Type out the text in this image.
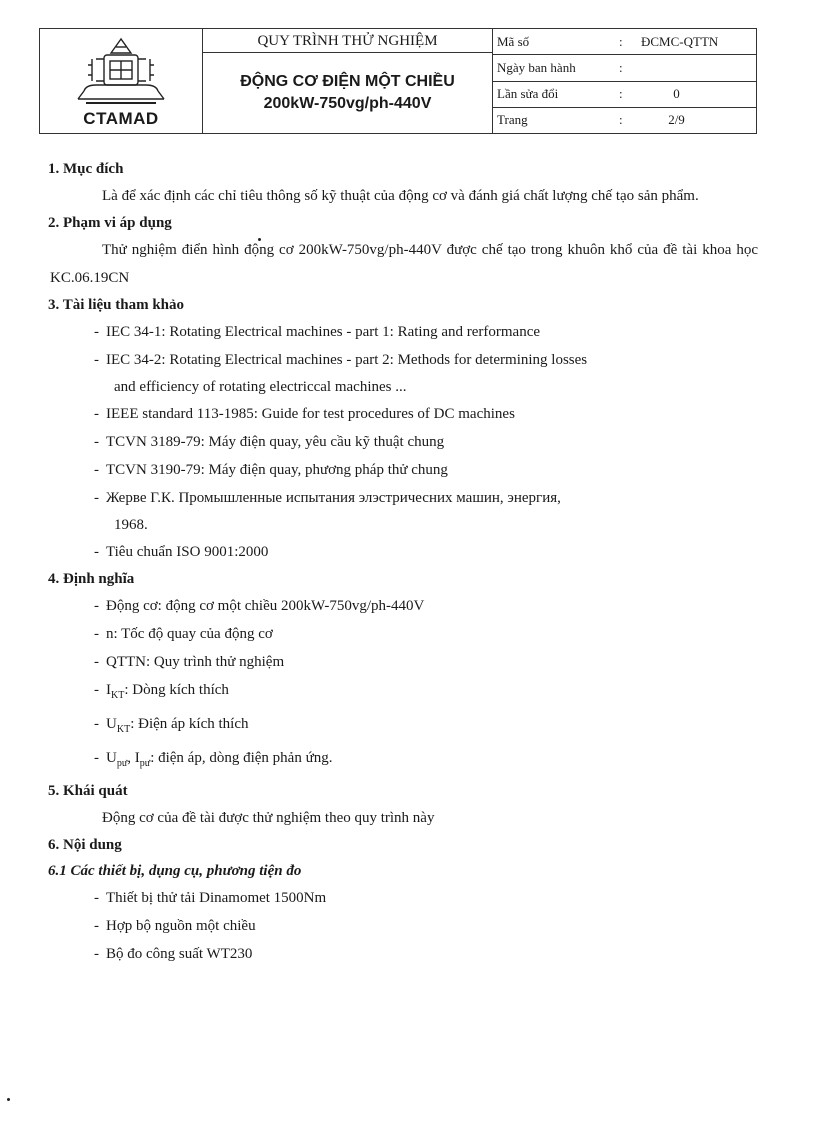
CTAMAD
QUY TRÌNH THỬ NGHIỆM
ĐỘNG CƠ ĐIỆN MỘT CHIỀU
200kW-750vg/ph-440V
Mã số	:	ĐCMC-QTTN
Ngày ban hành	:
Lần sửa đổi	:	0
Trang	:	2/9

1. Mục đích

Là để xác định các chỉ tiêu thông số kỹ thuật của động cơ và đánh giá chất lượng chế tạo sản phẩm.

2. Phạm vi áp dụng

Thử nghiệm điển hình động cơ 200kW-750vg/ph-440V được chế tạo trong khuôn khổ của đề tài khoa học KC.06.19CN

3. Tài liệu tham khảo

- IEC 34-1: Rotating Electrical machines - part 1: Rating and rerformance
- IEC 34-2: Rotating Electrical machines - part 2: Methods for determining losses
and efficiency of rotating electriccal machines ...
- IEEE standard 113-1985: Guide for test procedures of DC machines
- TCVN 3189-79: Máy điện quay, yêu cầu kỹ thuật chung
- TCVN 3190-79: Máy điện quay, phương pháp thử chung
- Жерве Г.К. Промышленные испытания элэстричесних машин, энергия,
1968.
- Tiêu chuẩn ISO 9001:2000

4. Định nghĩa

- Động cơ: động cơ một chiều 200kW-750vg/ph-440V
- n: Tốc độ quay của động cơ
- QTTN: Quy trình thử nghiệm
- $I_{KT}$: Dòng kích thích
- $U_{KT}$: Điện áp kích thích
- $U_{pư}$, $I_{pư}$: điện áp, dòng điện phản ứng.

5. Khái quát

Động cơ của đề tài được thử nghiệm theo quy trình này

6. Nội dung

6.1 Các thiết bị, dụng cụ, phương tiện đo

- Thiết bị thử tải Dinamomet 1500Nm
- Hợp bộ nguồn một chiều
- Bộ đo công suất WT230
